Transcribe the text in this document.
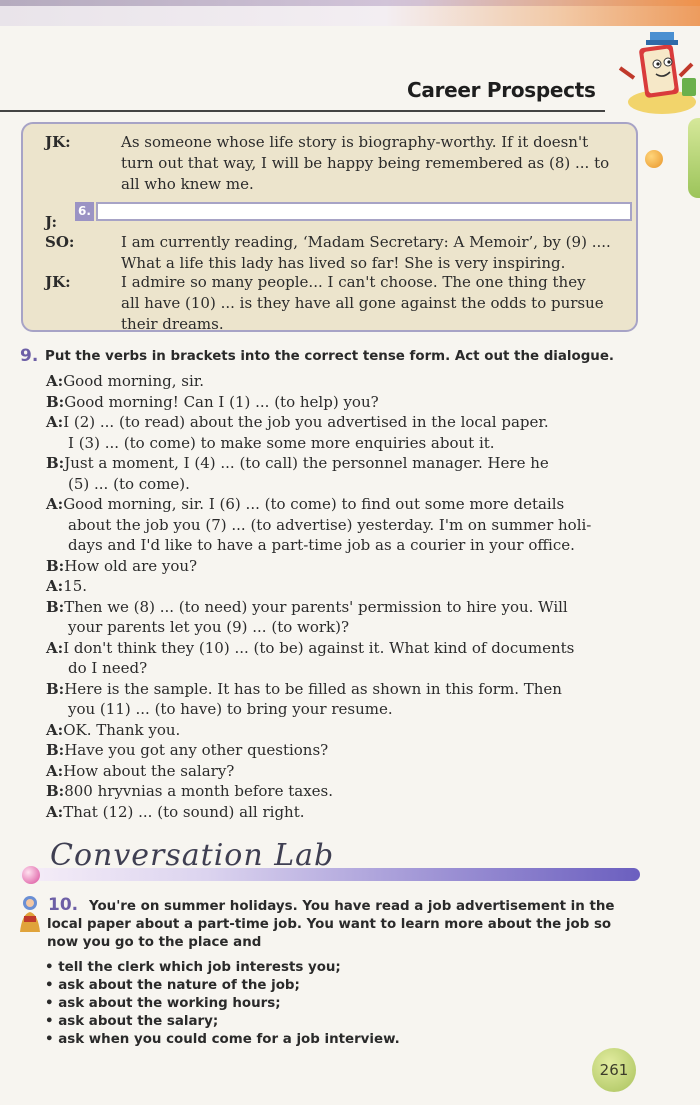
Career Prospects
JK:	As someone whose life story is biography-worthy. If it doesn't
turn out that way, I will be happy being remembered as (8) ... to
all who knew me.
J:
6.
SO:	I am currently reading, ‘Madam Secretary: A Memoir’, by (9) ....
What a life this lady has lived so far! She is very inspiring.
JK:	I admire so many people... I can't choose. The one thing they
all have (10) ... is they have all gone against the odds to pursue
their dreams.
9. Put the verbs in brackets into the correct tense form. Act out the dialogue.
A:Good morning, sir.
B:Good morning! Can I (1) ... (to help) you?
A:I (2) ... (to read) about the job you advertised in the local paper.
I (3) ... (to come) to make some more enquiries about it.
B:Just a moment, I (4) ... (to call) the personnel manager. Here he
(5) ... (to come).
A:Good morning, sir. I (6) ... (to come) to find out some more details
about the job you (7) ... (to advertise) yesterday. I'm on summer holi-
days and I'd like to have a part-time job as a courier in your office.
B:How old are you?
A:15.
B:Then we (8) ... (to need) your parents' permission to hire you. Will
your parents let you (9) ... (to work)?
A:I don't think they (10) ... (to be) against it. What kind of documents
do I need?
B:Here is the sample. It has to be filled as shown in this form. Then
you (11) ... (to have) to bring your resume.
A:OK. Thank you.
B:Have you got any other questions?
A:How about the salary?
B:800 hryvnias a month before taxes.
A:That (12) ... (to sound) all right.
Conversation Lab
10. You're on summer holidays. You have read a job advertisement in the
local paper about a part-time job. You want to learn more about the job so
now you go to the place and
• tell the clerk which job interests you;
• ask about the nature of the job;
• ask about the working hours;
• ask about the salary;
• ask when you could come for a job interview.
261
